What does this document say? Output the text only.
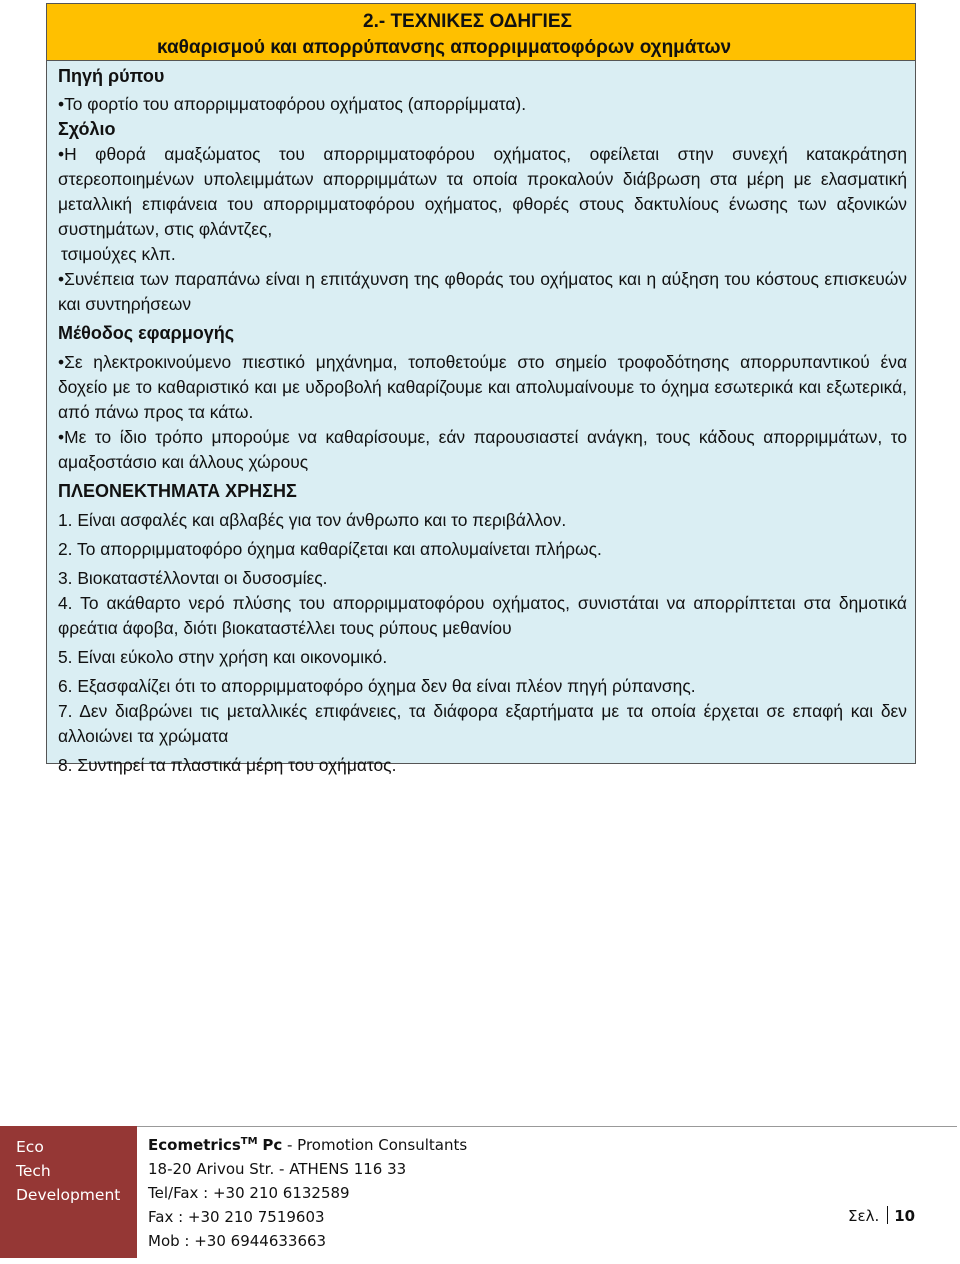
2.- ΤΕΧΝΙΚΕΣ ΟΔΗΓΙΕΣ
καθαρισμού και απορρύπανσης απορριμματοφόρων οχημάτων

Πηγή ρύπου

•Το φορτίο του απορριμματοφόρου οχήματος (απορρίμματα).

Σχόλιο

•Η φθορά αμαξώματος του απορριμματοφόρου οχήματος, οφείλεται στην συνεχή κατακράτηση στερεοποιημένων υπολειμμάτων απορριμμάτων τα οποία προκαλούν διάβρωση στα μέρη με ελασματική μεταλλική επιφάνεια του απορριμματοφόρου οχήματος, φθορές στους δακτυλίους ένωσης των αξονικών συστημάτων, στις φλάντζες,

τσιμούχες κλπ.

•Συνέπεια των παραπάνω είναι η επιτάχυνση της φθοράς του οχήματος και η αύξηση του κόστους επισκευών και συντηρήσεων

Μέθοδος εφαρμογής

•Σε ηλεκτροκινούμενο πιεστικό μηχάνημα, τοποθετούμε στο σημείο τροφοδότησης απορρυπαντικού ένα δοχείο με το καθαριστικό και με υδροβολή καθαρίζουμε και απολυμαίνουμε το όχημα εσωτερικά και εξωτερικά, από πάνω προς τα κάτω.

•Με το ίδιο τρόπο μπορούμε να καθαρίσουμε, εάν παρουσιαστεί ανάγκη, τους κάδους απορριμμάτων, το αμαξοστάσιο και άλλους χώρους

ΠΛΕΟΝΕΚΤΗΜΑΤΑ ΧΡΗΣΗΣ

1. Είναι ασφαλές και αβλαβές για τον άνθρωπο και το περιβάλλον.

2. Το απορριμματοφόρο όχημα καθαρίζεται και απολυμαίνεται πλήρως.

3. Βιοκαταστέλλονται οι δυσοσμίες.

4. Το ακάθαρτο νερό πλύσης του απορριμματοφόρου οχήματος, συνιστάται να απορρίπτεται στα δημοτικά φρεάτια άφοβα, διότι βιοκαταστέλλει τους ρύπους μεθανίου

5. Είναι εύκολο στην χρήση και οικονομικό.

6. Εξασφαλίζει ότι το απορριμματοφόρο όχημα δεν θα είναι πλέον πηγή ρύπανσης.

7. Δεν διαβρώνει τις μεταλλικές επιφάνειες, τα διάφορα εξαρτήματα με τα οποία έρχεται σε επαφή και δεν αλλοιώνει τα χρώματα

8. Συντηρεί τα πλαστικά μέρη του οχήματος.

Eco
Tech
Development
Ecometrics™ Pc - Promotion Consultants
18-20 Arivou Str. - ATHENS 116 33
Tel/Fax : +30 210 6132589
Fax : +30 210 7519603
Mob : +30 6944633663
Σελ. 10
